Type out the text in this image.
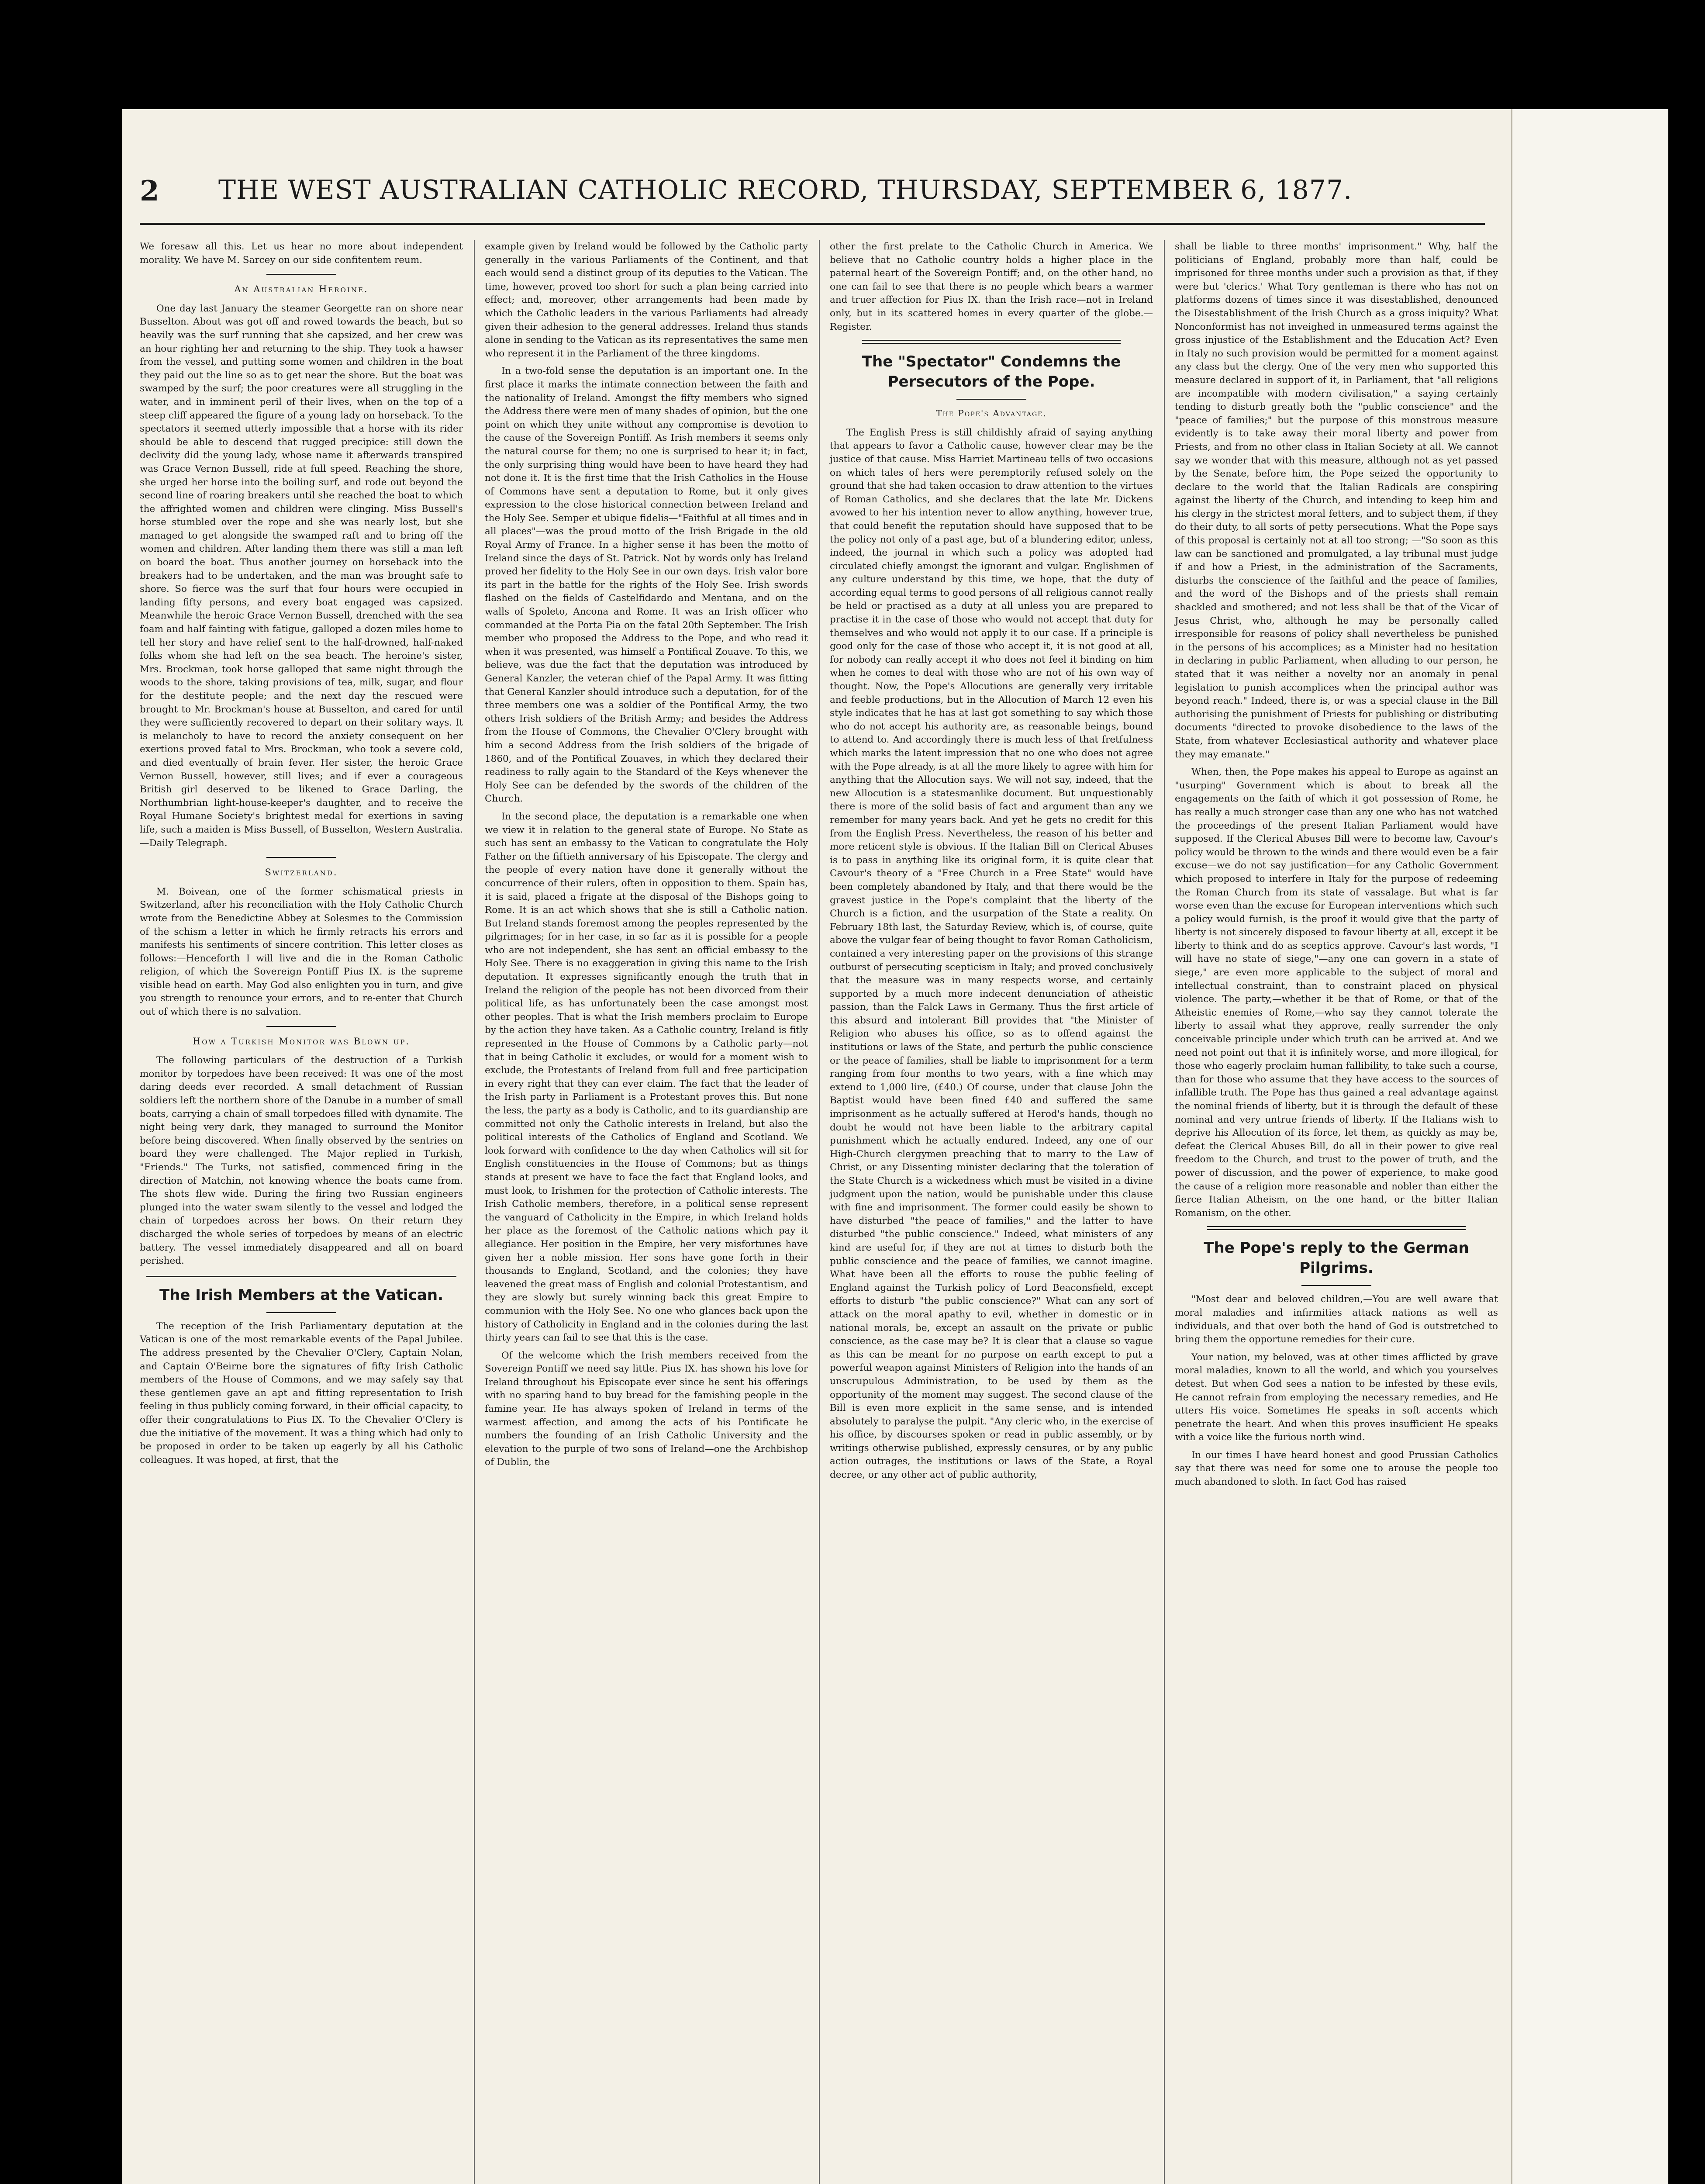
2 THE WEST AUSTRALIAN CATHOLIC RECORD, THURSDAY, SEPTEMBER 6, 1877.

We foresaw all this. Let us hear no more about independent morality. We have M. Sarcey on our side confitentem reum.

An Australian Heroine.

One day last January the steamer Georgette ran on shore near Busselton. About was got off and rowed towards the beach, but so heavily was the surf running that she capsized, and her crew was an hour righting her and returning to the ship. They took a hawser from the vessel, and putting some women and children in the boat they paid out the line so as to get near the shore. But the boat was swamped by the surf; the poor creatures were all struggling in the water, and in imminent peril of their lives, when on the top of a steep cliff appeared the figure of a young lady on horseback. To the spectators it seemed utterly impossible that a horse with its rider should be able to descend that rugged precipice: still down the declivity did the young lady, whose name it afterwards transpired was Grace Vernon Bussell, ride at full speed. Reaching the shore, she urged her horse into the boiling surf, and rode out beyond the second line of roaring breakers until she reached the boat to which the affrighted women and children were clinging. Miss Bussell's horse stumbled over the rope and she was nearly lost, but she managed to get alongside the swamped raft and to bring off the women and children. After landing them there was still a man left on board the boat. Thus another journey on horseback into the breakers had to be undertaken, and the man was brought safe to shore. So fierce was the surf that four hours were occupied in landing fifty persons, and every boat engaged was capsized. Meanwhile the heroic Grace Vernon Bussell, drenched with the sea foam and half fainting with fatigue, galloped a dozen miles home to tell her story and have relief sent to the half-drowned, half-naked folks whom she had left on the sea beach. The heroine's sister, Mrs. Brockman, took horse galloped that same night through the woods to the shore, taking provisions of tea, milk, sugar, and flour for the destitute people; and the next day the rescued were brought to Mr. Brockman's house at Busselton, and cared for until they were sufficiently recovered to depart on their solitary ways. It is melancholy to have to record the anxiety consequent on her exertions proved fatal to Mrs. Brockman, who took a severe cold, and died eventually of brain fever. Her sister, the heroic Grace Vernon Bussell, however, still lives; and if ever a courageous British girl deserved to be likened to Grace Darling, the Northumbrian light-house-keeper's daughter, and to receive the Royal Humane Society's brightest medal for exertions in saving life, such a maiden is Miss Bussell, of Busselton, Western Australia.—Daily Telegraph.

Switzerland.

M. Boivean, one of the former schismatical priests in Switzerland, after his reconciliation with the Holy Catholic Church wrote from the Benedictine Abbey at Solesmes to the Commission of the schism a letter in which he firmly retracts his errors and manifests his sentiments of sincere contrition. This letter closes as follows:—Henceforth I will live and die in the Roman Catholic religion, of which the Sovereign Pontiff Pius IX. is the supreme visible head on earth. May God also enlighten you in turn, and give you strength to renounce your errors, and to re-enter that Church out of which there is no salvation.

How a Turkish Monitor was Blown up.

The following particulars of the destruction of a Turkish monitor by torpedoes have been received: It was one of the most daring deeds ever recorded. A small detachment of Russian soldiers left the northern shore of the Danube in a number of small boats, carrying a chain of small torpedoes filled with dynamite. The night being very dark, they managed to surround the Monitor before being discovered. When finally observed by the sentries on board they were challenged. The Major replied in Turkish, "Friends." The Turks, not satisfied, commenced firing in the direction of Matchin, not knowing whence the boats came from. The shots flew wide. During the firing two Russian engineers plunged into the water swam silently to the vessel and lodged the chain of torpedoes across her bows. On their return they discharged the whole series of torpedoes by means of an electric battery. The vessel immediately disappeared and all on board perished.

The Irish Members at the Vatican.

The reception of the Irish Parliamentary deputation at the Vatican is one of the most remarkable events of the Papal Jubilee. The address presented by the Chevalier O'Clery, Captain Nolan, and Captain O'Beirne bore the signatures of fifty Irish Catholic members of the House of Commons, and we may safely say that these gentlemen gave an apt and fitting representation to Irish feeling in thus publicly coming forward, in their official capacity, to offer their congratulations to Pius IX. To the Chevalier O'Clery is due the initiative of the movement. It was a thing which had only to be proposed in order to be taken up eagerly by all his Catholic colleagues. It was hoped, at first, that the

example given by Ireland would be followed by the Catholic party generally in the various Parliaments of the Continent, and that each would send a distinct group of its deputies to the Vatican. The time, however, proved too short for such a plan being carried into effect; and, moreover, other arrangements had been made by which the Catholic leaders in the various Parliaments had already given their adhesion to the general addresses. Ireland thus stands alone in sending to the Vatican as its representatives the same men who represent it in the Parliament of the three kingdoms.

In a two-fold sense the deputation is an important one. In the first place it marks the intimate connection between the faith and the nationality of Ireland. Amongst the fifty members who signed the Address there were men of many shades of opinion, but the one point on which they unite without any compromise is devotion to the cause of the Sovereign Pontiff. As Irish members it seems only the natural course for them; no one is surprised to hear it; in fact, the only surprising thing would have been to have heard they had not done it. It is the first time that the Irish Catholics in the House of Commons have sent a deputation to Rome, but it only gives expression to the close historical connection between Ireland and the Holy See. Semper et ubique fidelis—"Faithful at all times and in all places"—was the proud motto of the Irish Brigade in the old Royal Army of France. In a higher sense it has been the motto of Ireland since the days of St. Patrick. Not by words only has Ireland proved her fidelity to the Holy See in our own days. Irish valor bore its part in the battle for the rights of the Holy See. Irish swords flashed on the fields of Castelfidardo and Mentana, and on the walls of Spoleto, Ancona and Rome. It was an Irish officer who commanded at the Porta Pia on the fatal 20th September. The Irish member who proposed the Address to the Pope, and who read it when it was presented, was himself a Pontifical Zouave. To this, we believe, was due the fact that the deputation was introduced by General Kanzler, the veteran chief of the Papal Army. It was fitting that General Kanzler should introduce such a deputation, for of the three members one was a soldier of the Pontifical Army, the two others Irish soldiers of the British Army; and besides the Address from the House of Commons, the Chevalier O'Clery brought with him a second Address from the Irish soldiers of the brigade of 1860, and of the Pontifical Zouaves, in which they declared their readiness to rally again to the Standard of the Keys whenever the Holy See can be defended by the swords of the children of the Church.

In the second place, the deputation is a remarkable one when we view it in relation to the general state of Europe. No State as such has sent an embassy to the Vatican to congratulate the Holy Father on the fiftieth anniversary of his Episcopate. The clergy and the people of every nation have done it generally without the concurrence of their rulers, often in opposition to them. Spain has, it is said, placed a frigate at the disposal of the Bishops going to Rome. It is an act which shows that she is still a Catholic nation. But Ireland stands foremost among the peoples represented by the pilgrimages; for in her case, in so far as it is possible for a people who are not independent, she has sent an official embassy to the Holy See. There is no exaggeration in giving this name to the Irish deputation. It expresses significantly enough the truth that in Ireland the religion of the people has not been divorced from their political life, as has unfortunately been the case amongst most other peoples. That is what the Irish members proclaim to Europe by the action they have taken. As a Catholic country, Ireland is fitly represented in the House of Commons by a Catholic party—not that in being Catholic it excludes, or would for a moment wish to exclude, the Protestants of Ireland from full and free participation in every right that they can ever claim. The fact that the leader of the Irish party in Parliament is a Protestant proves this. But none the less, the party as a body is Catholic, and to its guardianship are committed not only the Catholic interests in Ireland, but also the political interests of the Catholics of England and Scotland. We look forward with confidence to the day when Catholics will sit for English constituencies in the House of Commons; but as things stands at present we have to face the fact that England looks, and must look, to Irishmen for the protection of Catholic interests. The Irish Catholic members, therefore, in a political sense represent the vanguard of Catholicity in the Empire, in which Ireland holds her place as the foremost of the Catholic nations which pay it allegiance. Her position in the Empire, her very misfortunes have given her a noble mission. Her sons have gone forth in their thousands to England, Scotland, and the colonies; they have leavened the great mass of English and colonial Protestantism, and they are slowly but surely winning back this great Empire to communion with the Holy See. No one who glances back upon the history of Catholicity in England and in the colonies during the last thirty years can fail to see that this is the case.

Of the welcome which the Irish members received from the Sovereign Pontiff we need say little. Pius IX. has shown his love for Ireland throughout his Episcopate ever since he sent his offerings with no sparing hand to buy bread for the famishing people in the famine year. He has always spoken of Ireland in terms of the warmest affection, and among the acts of his Pontificate he numbers the founding of an Irish Catholic University and the elevation to the purple of two sons of Ireland—one the Archbishop of Dublin, the

other the first prelate to the Catholic Church in America. We believe that no Catholic country holds a higher place in the paternal heart of the Sovereign Pontiff; and, on the other hand, no one can fail to see that there is no people which bears a warmer and truer affection for Pius IX. than the Irish race—not in Ireland only, but in its scattered homes in every quarter of the globe.—Register.

The "Spectator" Condemns the Persecutors of the Pope.
The Pope's Advantage.

The English Press is still childishly afraid of saying anything that appears to favor a Catholic cause, however clear may be the justice of that cause. Miss Harriet Martineau tells of two occasions on which tales of hers were peremptorily refused solely on the ground that she had taken occasion to draw attention to the virtues of Roman Catholics, and she declares that the late Mr. Dickens avowed to her his intention never to allow anything, however true, that could benefit the reputation should have supposed that to be the policy not only of a past age, but of a blundering editor, unless, indeed, the journal in which such a policy was adopted had circulated chiefly amongst the ignorant and vulgar. Englishmen of any culture understand by this time, we hope, that the duty of according equal terms to good persons of all religious cannot really be held or practised as a duty at all unless you are prepared to practise it in the case of those who would not accept that duty for themselves and who would not apply it to our case. If a principle is good only for the case of those who accept it, it is not good at all, for nobody can really accept it who does not feel it binding on him when he comes to deal with those who are not of his own way of thought. Now, the Pope's Allocutions are generally very irritable and feeble productions, but in the Allocution of March 12 even his style indicates that he has at last got something to say which those who do not accept his authority are, as reasonable beings, bound to attend to. And accordingly there is much less of that fretfulness which marks the latent impression that no one who does not agree with the Pope already, is at all the more likely to agree with him for anything that the Allocution says. We will not say, indeed, that the new Allocution is a statesmanlike document. But unquestionably there is more of the solid basis of fact and argument than any we remember for many years back. And yet he gets no credit for this from the English Press. Nevertheless, the reason of his better and more reticent style is obvious. If the Italian Bill on Clerical Abuses is to pass in anything like its original form, it is quite clear that Cavour's theory of a "Free Church in a Free State" would have been completely abandoned by Italy, and that there would be the gravest justice in the Pope's complaint that the liberty of the Church is a fiction, and the usurpation of the State a reality. On February 18th last, the Saturday Review, which is, of course, quite above the vulgar fear of being thought to favor Roman Catholicism, contained a very interesting paper on the provisions of this strange outburst of persecuting scepticism in Italy; and proved conclusively that the measure was in many respects worse, and certainly supported by a much more indecent denunciation of atheistic passion, than the Falck Laws in Germany. Thus the first article of this absurd and intolerant Bill provides that "the Minister of Religion who abuses his office, so as to offend against the institutions or laws of the State, and perturb the public conscience or the peace of families, shall be liable to imprisonment for a term ranging from four months to two years, with a fine which may extend to 1,000 lire, (£40.) Of course, under that clause John the Baptist would have been fined £40 and suffered the same imprisonment as he actually suffered at Herod's hands, though no doubt he would not have been liable to the arbitrary capital punishment which he actually endured. Indeed, any one of our High-Church clergymen preaching that to marry to the Law of Christ, or any Dissenting minister declaring that the toleration of the State Church is a wickedness which must be visited in a divine judgment upon the nation, would be punishable under this clause with fine and imprisonment. The former could easily be shown to have disturbed "the peace of families," and the latter to have disturbed "the public conscience." Indeed, what ministers of any kind are useful for, if they are not at times to disturb both the public conscience and the peace of families, we cannot imagine. What have been all the efforts to rouse the public feeling of England against the Turkish policy of Lord Beaconsfield, except efforts to disturb "the public conscience?" What can any sort of attack on the moral apathy to evil, whether in domestic or in national morals, be, except an assault on the private or public conscience, as the case may be? It is clear that a clause so vague as this can be meant for no purpose on earth except to put a powerful weapon against Ministers of Religion into the hands of an unscrupulous Administration, to be used by them as the opportunity of the moment may suggest. The second clause of the Bill is even more explicit in the same sense, and is intended absolutely to paralyse the pulpit. "Any cleric who, in the exercise of his office, by discourses spoken or read in public assembly, or by writings otherwise published, expressly censures, or by any public action outrages, the institutions or laws of the State, a Royal decree, or any other act of public authority,

shall be liable to three months' imprisonment." Why, half the politicians of England, probably more than half, could be imprisoned for three months under such a provision as that, if they were but 'clerics.' What Tory gentleman is there who has not on platforms dozens of times since it was disestablished, denounced the Disestablishment of the Irish Church as a gross iniquity? What Nonconformist has not inveighed in unmeasured terms against the gross injustice of the Establishment and the Education Act? Even in Italy no such provision would be permitted for a moment against any class but the clergy. One of the very men who supported this measure declared in support of it, in Parliament, that "all religions are incompatible with modern civilisation," a saying certainly tending to disturb greatly both the "public conscience" and the "peace of families;" but the purpose of this monstrous measure evidently is to take away their moral liberty and power from Priests, and from no other class in Italian Society at all. We cannot say we wonder that with this measure, although not as yet passed by the Senate, before him, the Pope seized the opportunity to declare to the world that the Italian Radicals are conspiring against the liberty of the Church, and intending to keep him and his clergy in the strictest moral fetters, and to subject them, if they do their duty, to all sorts of petty persecutions. What the Pope says of this proposal is certainly not at all too strong; —"So soon as this law can be sanctioned and promulgated, a lay tribunal must judge if and how a Priest, in the administration of the Sacraments, disturbs the conscience of the faithful and the peace of families, and the word of the Bishops and of the priests shall remain shackled and smothered; and not less shall be that of the Vicar of Jesus Christ, who, although he may be personally called irresponsible for reasons of policy shall nevertheless be punished in the persons of his accomplices; as a Minister had no hesitation in declaring in public Parliament, when alluding to our person, he stated that it was neither a novelty nor an anomaly in penal legislation to punish accomplices when the principal author was beyond reach." Indeed, there is, or was a special clause in the Bill authorising the punishment of Priests for publishing or distributing documents "directed to provoke disobedience to the laws of the State, from whatever Ecclesiastical authority and whatever place they may emanate."

When, then, the Pope makes his appeal to Europe as against an "usurping" Government which is about to break all the engagements on the faith of which it got possession of Rome, he has really a much stronger case than any one who has not watched the proceedings of the present Italian Parliament would have supposed. If the Clerical Abuses Bill were to become law, Cavour's policy would be thrown to the winds and there would even be a fair excuse—we do not say justification—for any Catholic Government which proposed to interfere in Italy for the purpose of redeeming the Roman Church from its state of vassalage. But what is far worse even than the excuse for European interventions which such a policy would furnish, is the proof it would give that the party of liberty is not sincerely disposed to favour liberty at all, except it be liberty to think and do as sceptics approve. Cavour's last words, "I will have no state of siege,"—any one can govern in a state of siege," are even more applicable to the subject of moral and intellectual constraint, than to constraint placed on physical violence. The party,—whether it be that of Rome, or that of the Atheistic enemies of Rome,—who say they cannot tolerate the liberty to assail what they approve, really surrender the only conceivable principle under which truth can be arrived at. And we need not point out that it is infinitely worse, and more illogical, for those who eagerly proclaim human fallibility, to take such a course, than for those who assume that they have access to the sources of infallible truth. The Pope has thus gained a real advantage against the nominal friends of liberty, but it is through the default of these nominal and very untrue friends of liberty. If the Italians wish to deprive his Allocution of its force, let them, as quickly as may be, defeat the Clerical Abuses Bill, do all in their power to give real freedom to the Church, and trust to the power of truth, and the power of discussion, and the power of experience, to make good the cause of a religion more reasonable and nobler than either the fierce Italian Atheism, on the one hand, or the bitter Italian Romanism, on the other.

The Pope's reply to the German Pilgrims.

"Most dear and beloved children,—You are well aware that moral maladies and infirmities attack nations as well as individuals, and that over both the hand of God is outstretched to bring them the opportune remedies for their cure.

Your nation, my beloved, was at other times afflicted by grave moral maladies, known to all the world, and which you yourselves detest. But when God sees a nation to be infested by these evils, He cannot refrain from employing the necessary remedies, and He utters His voice. Sometimes He speaks in soft accents which penetrate the heart. And when this proves insufficient He speaks with a voice like the furious north wind.

In our times I have heard honest and good Prussian Catholics say that there was need for some one to arouse the people too much abandoned to sloth. In fact God has raised
